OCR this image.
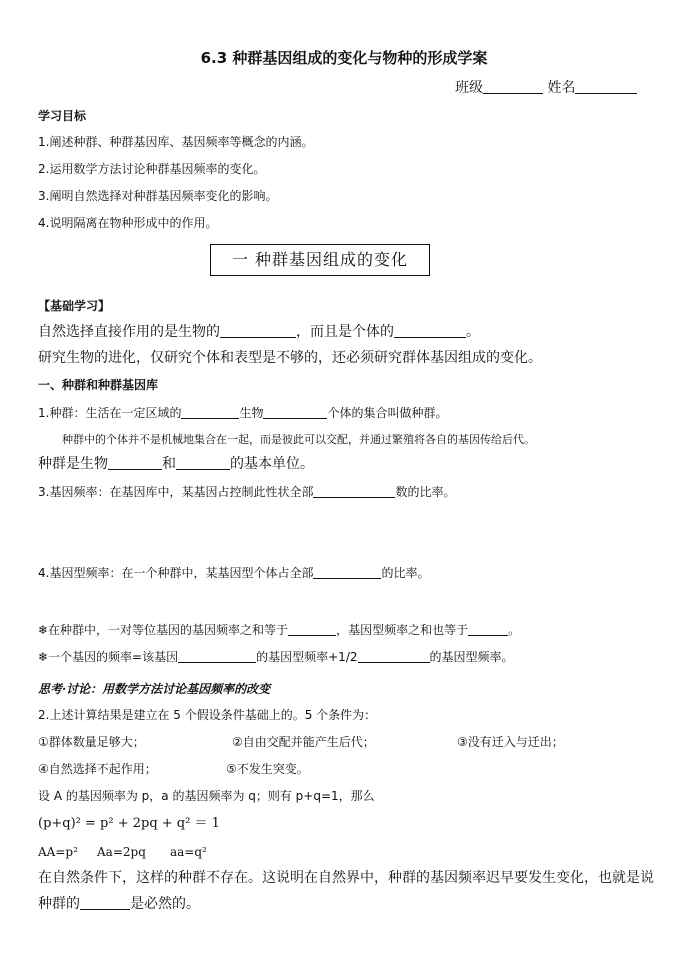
6.3 种群基因组成的变化与物种的形成学案
班级	姓名
学习目标
1.阐述种群、种群基因库、基因频率等概念的内涵。
2.运用数学方法讨论种群基因频率的变化。
3.阐明自然选择对种群基因频率变化的影响。
4.说明隔离在物种形成中的作用。
一 种群基因组成的变化
【基础学习】
自然选择直接作用的是生物的	，而且是个体的	。
研究生物的进化，仅研究个体和表型是不够的，还必须研究群体基因组成的变化。
一、种群和种群基因库
1.种群：生活在一定区域的	生物	个体的集合叫做种群。
种群中的个体并不是机械地集合在一起，而是彼此可以交配，并通过繁殖将各自的基因传给后代。
种群是生物	和	的基本单位。
3.基因频率：在基因库中，某基因占控制此性状全部	数的比率。
4.基因型频率：在一个种群中，某基因型个体占全部	的比率。
❄在种群中，一对等位基因的基因频率之和等于	，基因型频率之和也等于	。
❄一个基因的频率=该基因	的基因型频率+1/2	的基因型频率。
思考·讨论：用数学方法讨论基因频率的改变
2.上述计算结果是建立在 5 个假设条件基础上的。5 个条件为：
①群体数量足够大；	②自由交配并能产生后代；	③没有迁入与迁出；
④自然选择不起作用；	⑤不发生突变。
设 A 的基因频率为 p，a 的基因频率为 q；则有 p+q=1，那么
(p+q)² = p² + 2pq + q² ＝ 1
AA=p² Aa=2pq aa=q²
在自然条件下，这样的种群不存在。这说明在自然界中，种群的基因频率迟早要发生变化，也就是说
种群的	是必然的。
